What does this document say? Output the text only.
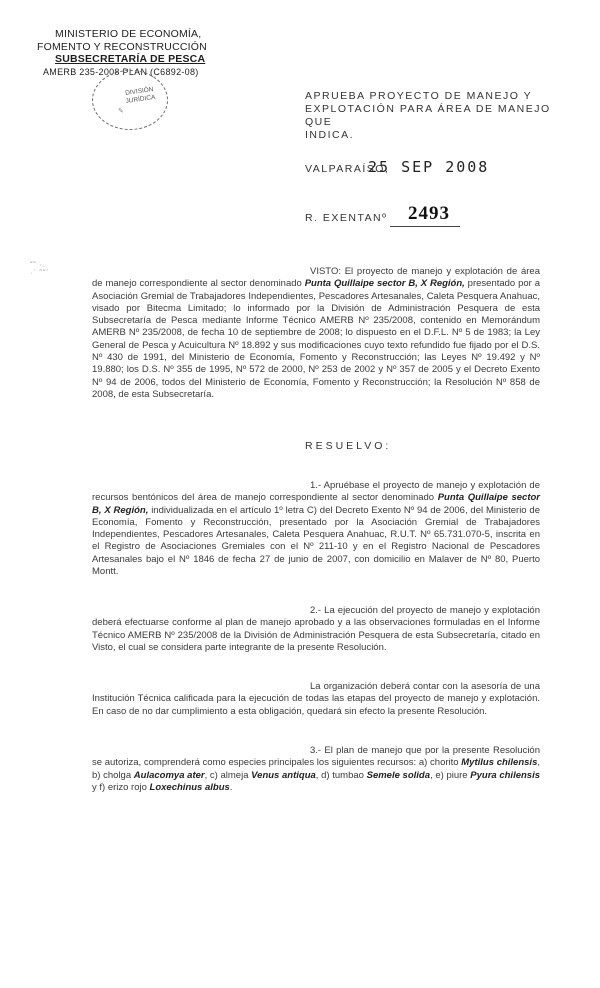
MINISTERIO DE ECONOMÍA,
FOMENTO Y RECONSTRUCCIÓN
SUBSECRETARÍA DE PESCA
AMERB 235-2008 PLAN (C6892-08)
DIVISIÓN
JURÍDICA
✎
APRUEBA PROYECTO DE MANEJO Y
EXPLOTACIÓN PARA ÁREA DE MANEJO QUE
INDICA.
VALPARAÍSO,
25 SEP 2008
R. EXENTA Nº 2493
˜˜ ·.
·´ ˜˜´	VISTO: El proyecto de manejo y explotación de área de manejo correspondiente al sector denominado Punta Quillaipe sector B, X Región, presentado por a Asociación Gremial de Trabajadores Independientes, Pescadores Artesanales, Caleta Pesquera Anahuac, visado por Bitecma Limitado; lo informado por la División de Administración Pesquera de esta Subsecretaría de Pesca mediante Informe Técnico AMERB Nº 235/2008, contenido en Memorándum AMERB Nº 235/2008, de fecha 10 de septiembre de 2008; lo dispuesto en el D.F.L. Nº 5 de 1983; la Ley General de Pesca y Acuicultura Nº 18.892 y sus modificaciones cuyo texto refundido fue fijado por el D.S. Nº 430 de 1991, del Ministerio de Economía, Fomento y Reconstrucción; las Leyes Nº 19.492 y Nº 19.880; los D.S. Nº 355 de 1995, Nº 572 de 2000, Nº 253 de 2002 y Nº 357 de 2005 y el Decreto Exento Nº 94 de 2006, todos del Ministerio de Economía, Fomento y Reconstrucción; la Resolución Nº 858 de 2008, de esta Subsecretaría.
RESUELVO:
1.- Apruébase el proyecto de manejo y explotación de recursos bentónicos del área de manejo correspondiente al sector denominado Punta Quillaipe sector B, X Región, individualizada en el artículo 1º letra C) del Decreto Exento Nº 94 de 2006, del Ministerio de Economía, Fomento y Reconstrucción, presentado por la Asociación Gremial de Trabajadores Independientes, Pescadores Artesanales, Caleta Pesquera Anahuac, R.U.T. Nº 65.731.070-5, inscrita en el Registro de Asociaciones Gremiales con el Nº 211-10 y en el Registro Nacional de Pescadores Artesanales bajo el Nº 1846 de fecha 27 de junio de 2007, con domicilio en Malaver de Nº 80, Puerto Montt.
2.- La ejecución del proyecto de manejo y explotación deberá efectuarse conforme al plan de manejo aprobado y a las observaciones formuladas en el Informe Técnico AMERB Nº 235/2008 de la División de Administración Pesquera de esta Subsecretaría, citado en Visto, el cual se considera parte integrante de la presente Resolución.
La organización deberá contar con la asesoría de una Institución Técnica calificada para la ejecución de todas las etapas del proyecto de manejo y explotación. En caso de no dar cumplimiento a esta obligación, quedará sin efecto la presente Resolución.
3.- El plan de manejo que por la presente Resolución se autoriza, comprenderá como especies principales los siguientes recursos: a) chorito Mytilus chilensis, b) cholga Aulacomya ater, c) almeja Venus antiqua, d) tumbao Semele solida, e) piure Pyura chilensis y f) erizo rojo Loxechinus albus.
